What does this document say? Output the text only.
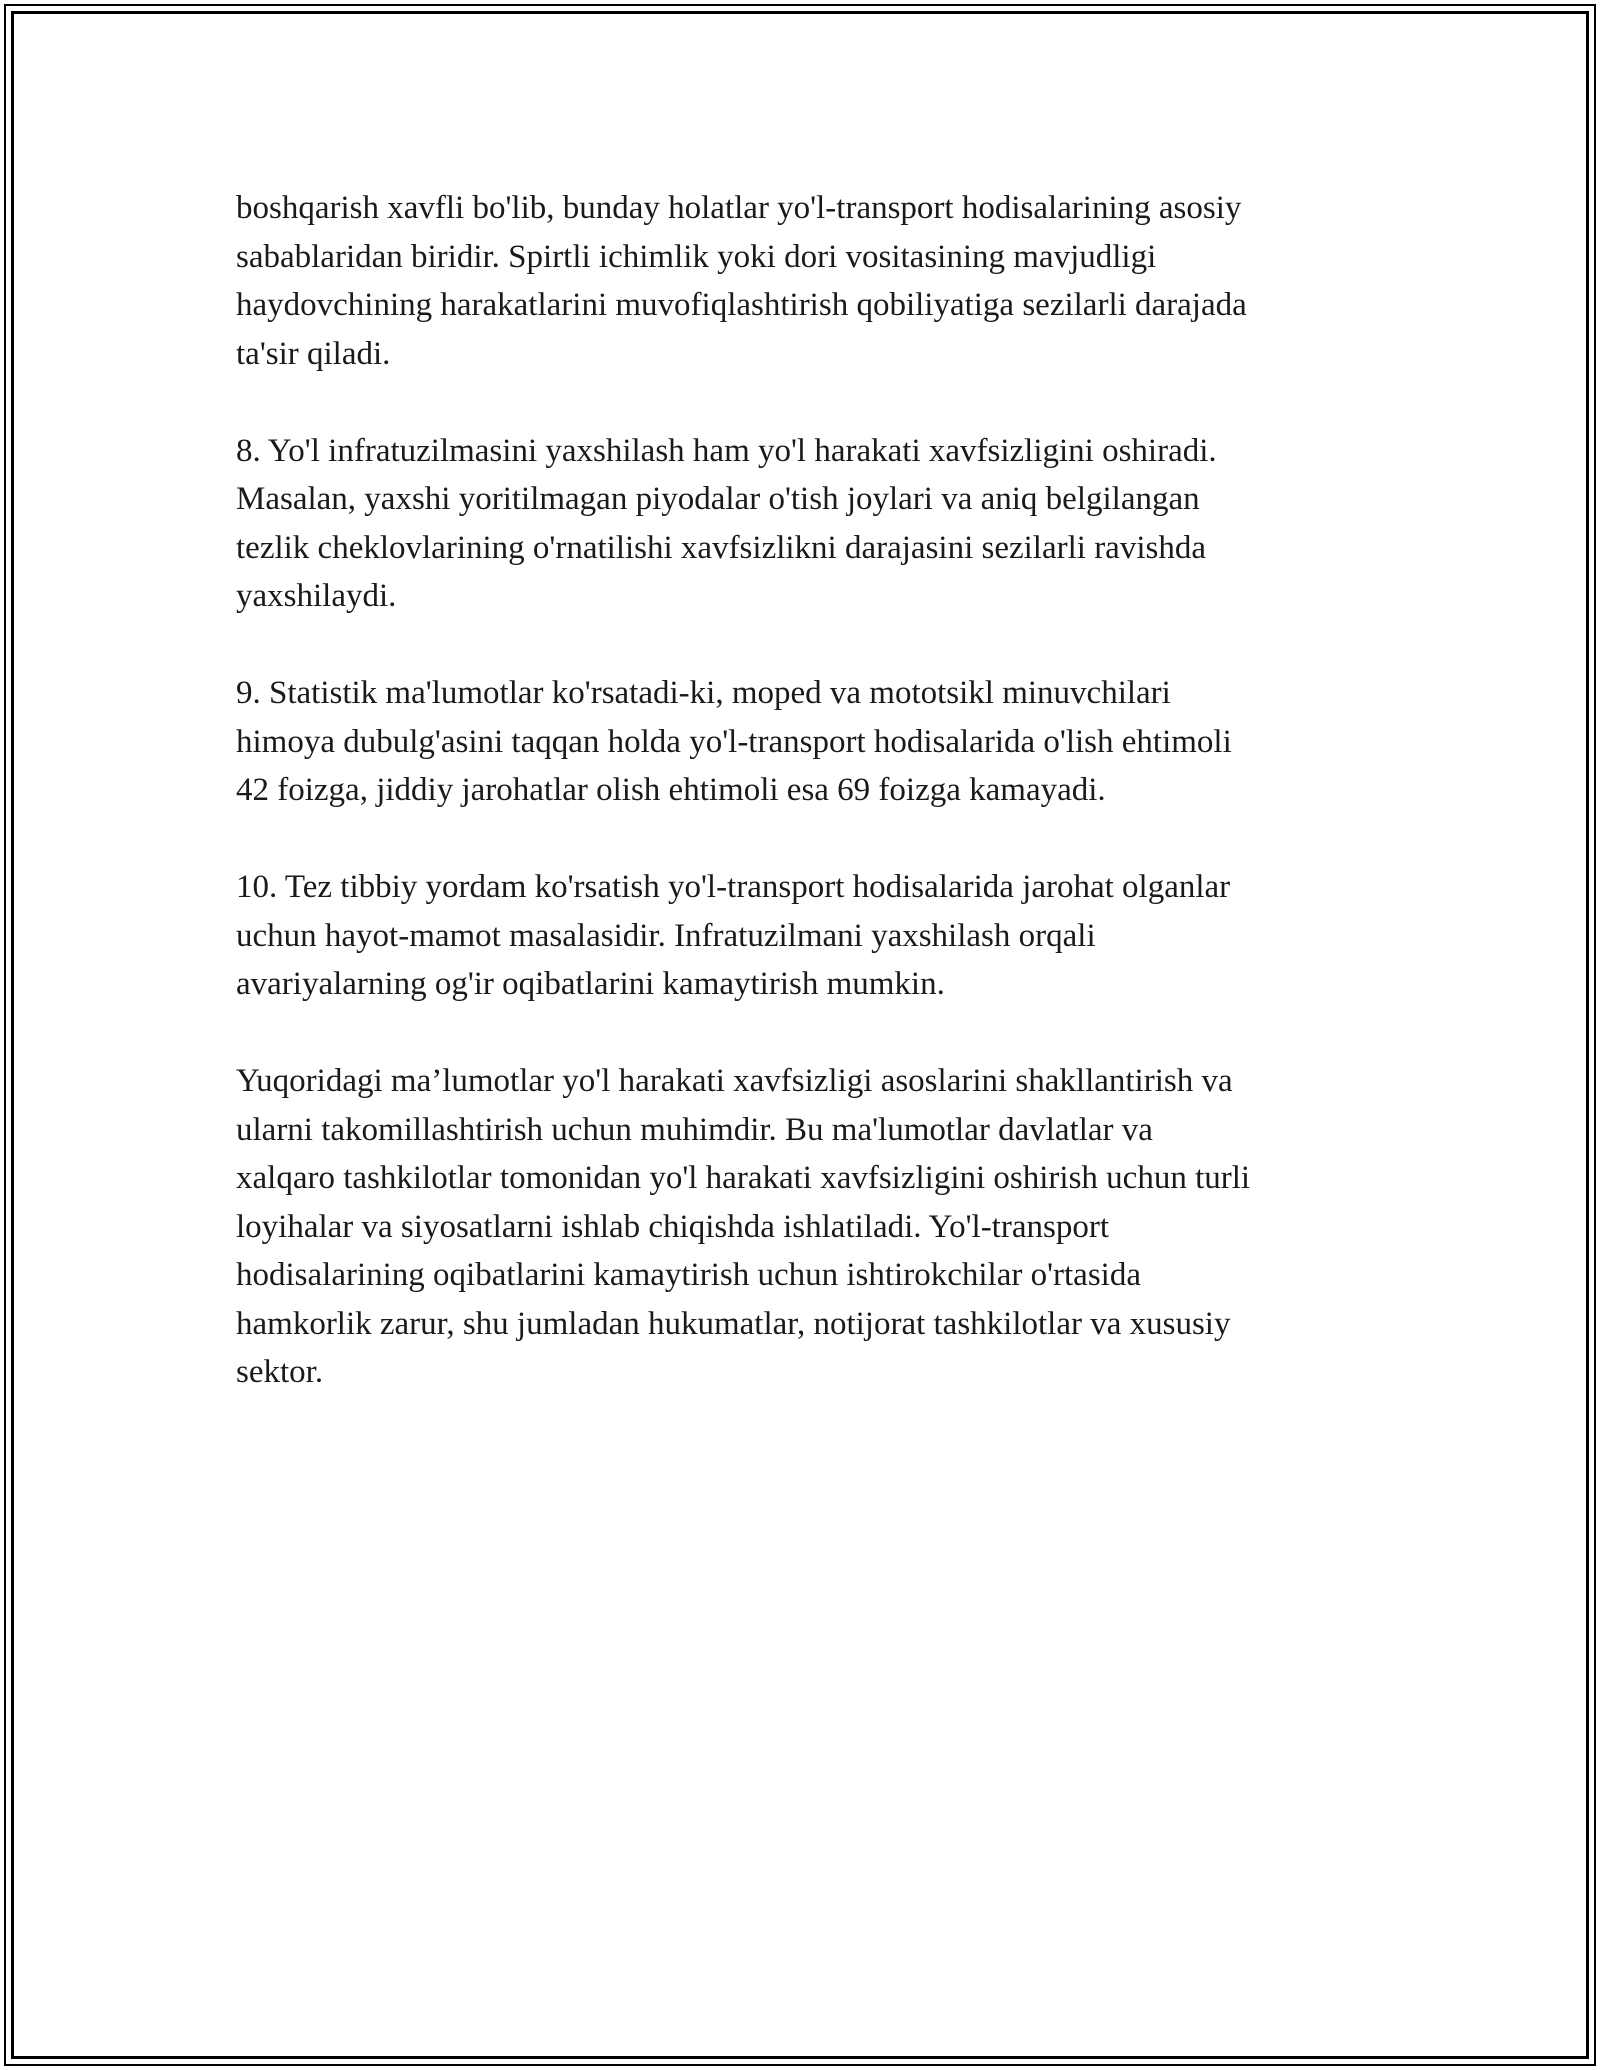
boshqarish xavfli bo'lib, bunday holatlar yo'l-transport hodisalarining asosiy
sabablaridan biridir. Spirtli ichimlik yoki dori vositasining mavjudligi
haydovchining harakatlarini muvofiqlashtirish qobiliyatiga sezilarli darajada
ta'sir qiladi.

8. Yo'l infratuzilmasini yaxshilash ham yo'l harakati xavfsizligini oshiradi.
Masalan, yaxshi yoritilmagan piyodalar o'tish joylari va aniq belgilangan
tezlik cheklovlarining o'rnatilishi xavfsizlikni darajasini sezilarli ravishda
yaxshilaydi.

9. Statistik ma'lumotlar ko'rsatadi-ki, moped va mototsikl minuvchilari
himoya dubulg'asini taqqan holda yo'l-transport hodisalarida o'lish ehtimoli
42 foizga, jiddiy jarohatlar olish ehtimoli esa 69 foizga kamayadi.

10. Tez tibbiy yordam ko'rsatish yo'l-transport hodisalarida jarohat olganlar
uchun hayot-mamot masalasidir. Infratuzilmani yaxshilash orqali
avariyalarning og'ir oqibatlarini kamaytirish mumkin.

Yuqoridagi ma’lumotlar yo'l harakati xavfsizligi asoslarini shakllantirish va
ularni takomillashtirish uchun muhimdir. Bu ma'lumotlar davlatlar va
xalqaro tashkilotlar tomonidan yo'l harakati xavfsizligini oshirish uchun turli
loyihalar va siyosatlarni ishlab chiqishda ishlatiladi. Yo'l-transport
hodisalarining oqibatlarini kamaytirish uchun ishtirokchilar o'rtasida
hamkorlik zarur, shu jumladan hukumatlar, notijorat tashkilotlar va xususiy
sektor.
